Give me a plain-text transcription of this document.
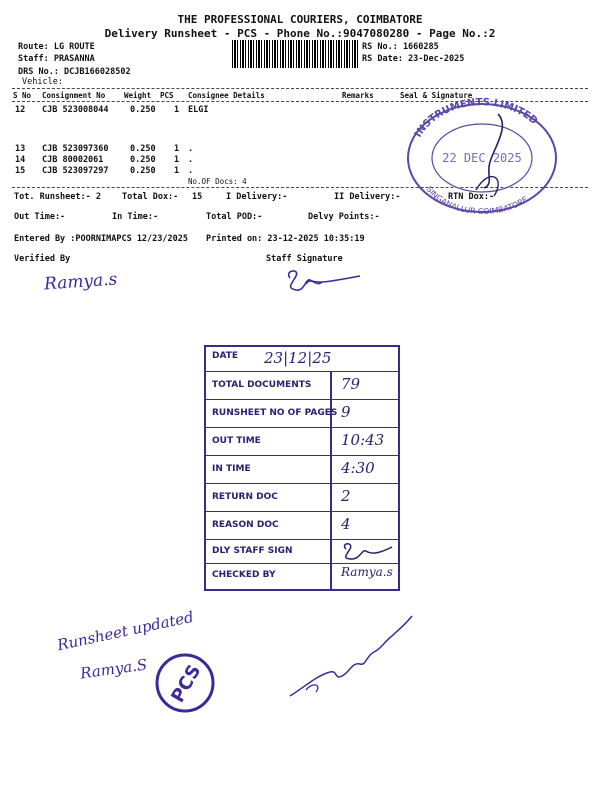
THE PROFESSIONAL COURIERS, COIMBATORE
Delivery Runsheet - PCS - Phone No.:9047080280 - Page No.:2
Route: LG ROUTE
Staff: PRASANNA
DRS No.: DCJB166028502
Vehicle:
RS No.: 1660285
RS Date: 23-Dec-2025
S No Consignment No	Weight PCS Consignee Details	Remarks	Seal & Signature
12 CJB 523008044	0.250 1 ELGI
13 CJB 523097360	0.250 1 .
14 CJB 80002061	0.250 1 .
15 CJB 523097297	0.250 1 .
No.OF Docs: 4
Tot. Runsheet:- 2 Total Dox:- 15	I Delivery:-	II Delivery:-	RTN Dox:-
Out Time:-	In Time:-	Total POD:-	Delvy Points:-
Entered By :POORNIMAPCS 12/23/2025 Printed on: 23-12-2025 10:35:19
Verified By	Staff Signature
Ramya.s
INSTRUMENTS LIMITED
SINGANALLUR COIMBATORE
22 DEC 2025
DATE 23|12|25
TOTAL DOCUMENTS 79
RUNSHEET NO OF PAGES 9
OUT TIME	10:43
IN TIME	4:30
RETURN DOC	2
REASON DOC	4
DLY STAFF SIGN
CHECKED BY	Ramya.s
Runsheet updated
Ramya.S PCS
